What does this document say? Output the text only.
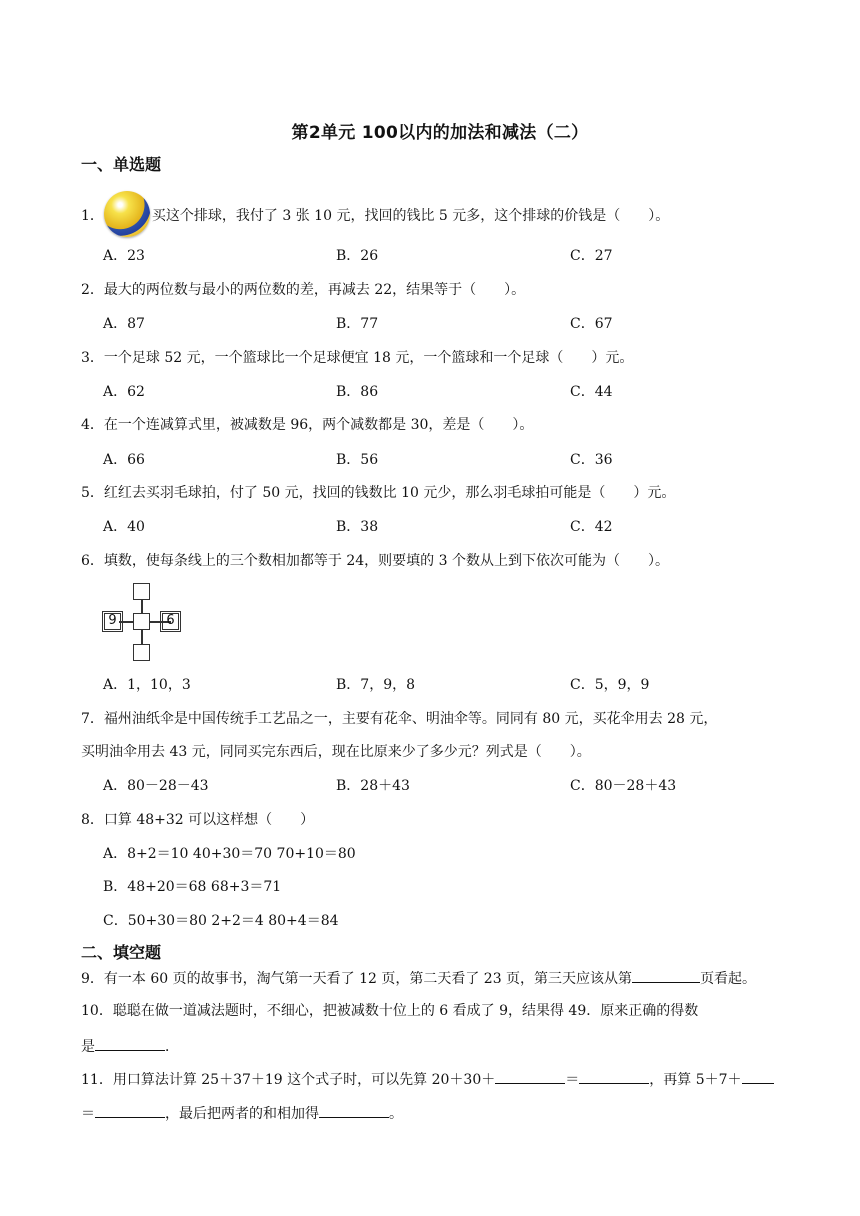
第2单元 100以内的加法和减法（二）
一、单选题
1．	买这个排球，我付了 3 张 10 元，找回的钱比 5 元多，这个排球的价钱是（　　）。
A．23	B．26	C．27
2．最大的两位数与最小的两位数的差，再减去 22，结果等于（　　）。
A．87	B．77	C．67
3．一个足球 52 元，一个篮球比一个足球便宜 18 元，一个篮球和一个足球（　　）元。
A．62	B．86	C．44
4．在一个连减算式里，被减数是 96，两个减数都是 30，差是（　　）。
A．66	B．56	C．36
5．红红去买羽毛球拍，付了 50 元，找回的钱数比 10 元少，那么羽毛球拍可能是（　　）元。
A．40	B．38	C．42
6．填数，使每条线上的三个数相加都等于 24，则要填的 3 个数从上到下依次可能为（　　）。
9	6
A．1，10，3	B．7，9，8	C．5，9，9
7．福州油纸伞是中国传统手工艺品之一，主要有花伞、明油伞等。同同有 80 元，买花伞用去 28 元，
买明油伞用去 43 元，同同买完东西后，现在比原来少了多少元？列式是（　　）。
A．80－28－43	B．28＋43	C．80－28＋43
8．口算 48+32 可以这样想（　　）
A．8+2＝10 40+30＝70 70+10＝80
B．48+20＝68 68+3＝71
C．50+30＝80 2+2＝4 80+4＝84
二、填空题
9．有一本 60 页的故事书，淘气第一天看了 12 页，第二天看了 23 页，第三天应该从第	页看起。
10．聪聪在做一道减法题时，不细心，把被减数十位上的 6 看成了 9，结果得 49．原来正确的得数
是	．
11．用口算法计算 25＋37＋19 这个式子时，可以先算 20＋30＋	＝	，再算 5＋7＋
＝	，最后把两者的和相加得	。
